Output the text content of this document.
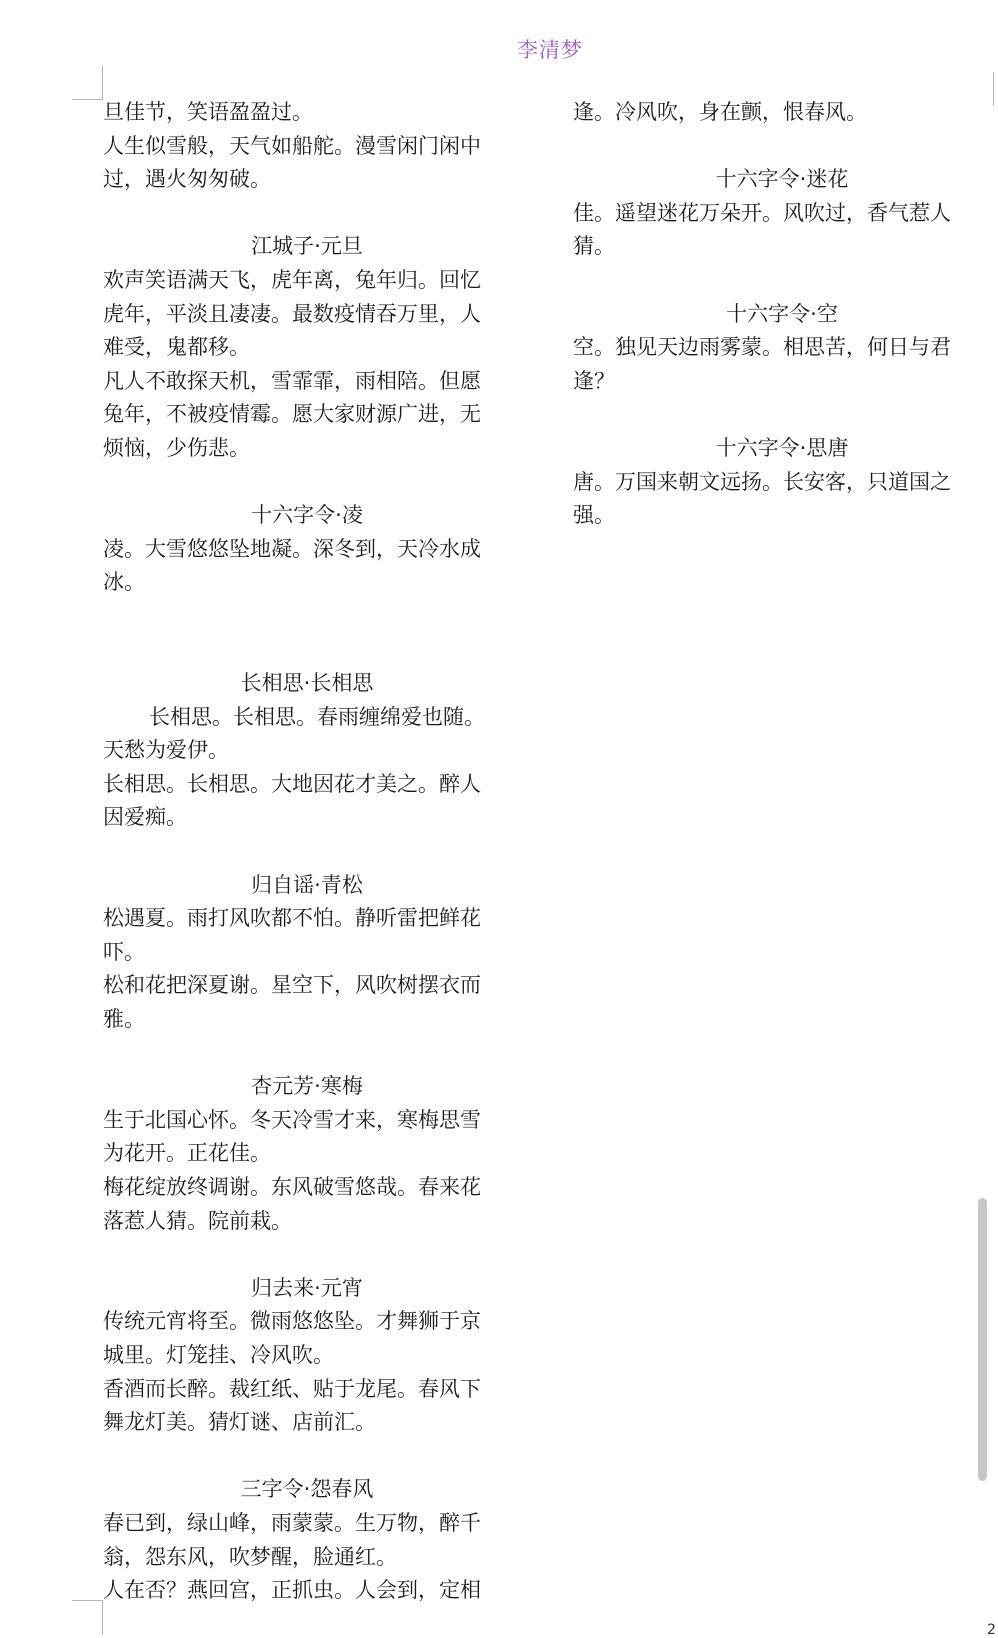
李清梦
旦佳节，笑语盈盈过。
人生似雪般，天气如船舵。漫雪闲门闲中
过，遇火匆匆破。
江城子·元旦
欢声笑语满天飞，虎年离，兔年归。回忆
虎年，平淡且凄凄。最数疫情吞万里，人
难受，鬼都移。
凡人不敢探天机，雪霏霏，雨相陪。但愿
兔年，不被疫情霉。愿大家财源广进，无
烦恼，少伤悲。
十六字令·凌
凌。大雪悠悠坠地凝。深冬到，天冷水成
冰。
长相思·长相思
长相思。长相思。春雨缠绵爱也随。
天愁为爱伊。
长相思。长相思。大地因花才美之。醉人
因爱痴。
归自谣·青松
松遇夏。雨打风吹都不怕。静听雷把鲜花
吓。
松和花把深夏谢。星空下，风吹树摆衣而
雅。
杏元芳·寒梅
生于北国心怀。冬天冷雪才来，寒梅思雪
为花开。正花佳。
梅花绽放终调谢。东风破雪悠哉。春来花
落惹人猜。院前栽。
归去来·元宵
传统元宵将至。微雨悠悠坠。才舞狮于京
城里。灯笼挂、冷风吹。
香酒而长醉。裁红纸、贴于龙尾。春风下
舞龙灯美。猜灯谜、店前汇。
三字令·怨春风
春已到，绿山峰，雨蒙蒙。生万物，醉千
翁，怨东风，吹梦醒，脸通红。
人在否？燕回宫，正抓虫。人会到，定相
逢。冷风吹，身在颤，恨春风。
十六字令·迷花
佳。遥望迷花万朵开。风吹过，香气惹人
猜。
十六字令·空
空。独见天边雨雾蒙。相思苦，何日与君
逢？
十六字令·思唐
唐。万国来朝文远扬。长安客，只道国之
强。
2
